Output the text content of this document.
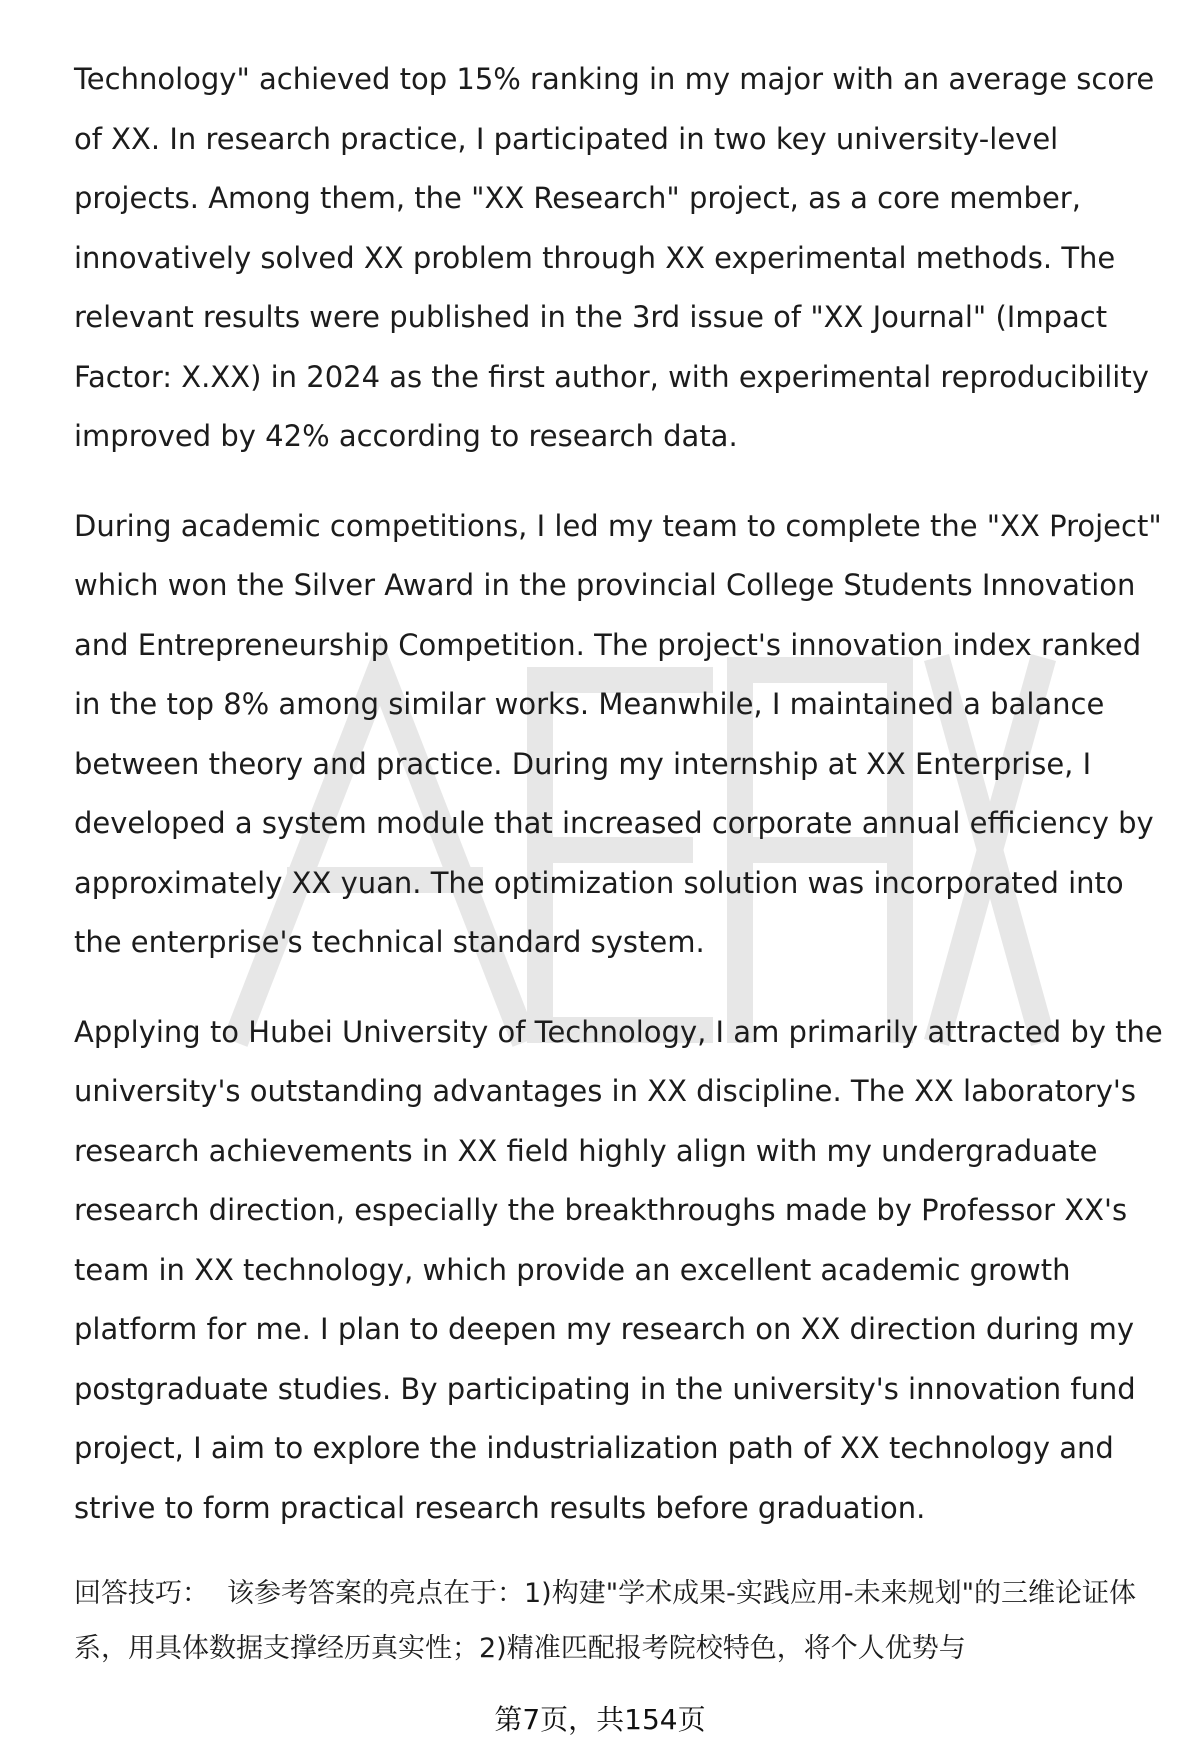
Technology" achieved top 15% ranking in my major with an average score of XX. In research practice, I participated in two key university-level projects. Among them, the "XX Research" project, as a core member, innovatively solved XX problem through XX experimental methods. The relevant results were published in the 3rd issue of "XX Journal" (Impact Factor: X.XX) in 2024 as the first author, with experimental reproducibility improved by 42% according to research data.

During academic competitions, I led my team to complete the "XX Project" which won the Silver Award in the provincial College Students Innovation and Entrepreneurship Competition. The project's innovation index ranked in the top 8% among similar works. Meanwhile, I maintained a balance between theory and practice. During my internship at XX Enterprise, I developed a system module that increased corporate annual efficiency by approximately XX yuan. The optimization solution was incorporated into the enterprise's technical standard system.

Applying to Hubei University of Technology, I am primarily attracted by the university's outstanding advantages in XX discipline. The XX laboratory's research achievements in XX field highly align with my undergraduate research direction, especially the breakthroughs made by Professor XX's team in XX technology, which provide an excellent academic growth platform for me. I plan to deepen my research on XX direction during my postgraduate studies. By participating in the university's innovation fund project, I aim to explore the industrialization path of XX technology and strive to form practical research results before graduation.

回答技巧： 该参考答案的亮点在于：1)构建"学术成果-实践应用-未来规划"的三维论证体系，用具体数据支撑经历真实性；2)精准匹配报考院校特色，将个人优势与

第7页，共154页
